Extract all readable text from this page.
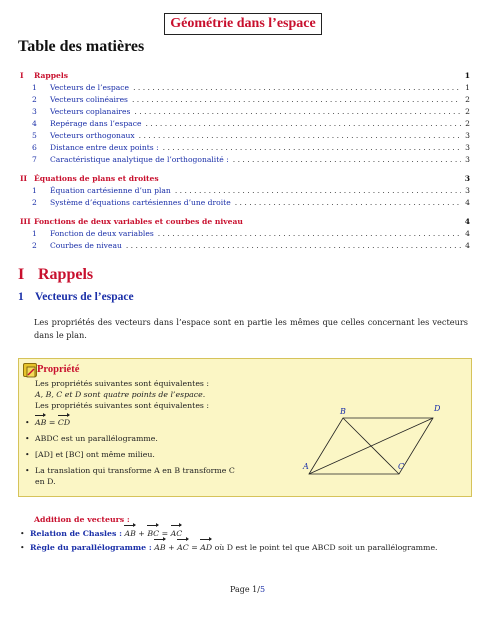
Géométrie dans l’espace
Table des matières
I	Rappels	1
1	Vecteurs de l’espace . . .	1
2	Vecteurs colinéaires . . .	2
3	Vecteurs coplanaires . . .	2
4	Repérage dans l’espace . . .	2
5	Vecteurs orthogonaux . . .	3
6	Distance entre deux points : . . .	3
7	Caractéristique analytique de l’orthogonalité : . . .	3
II Équations de plans et droites	3
1	Équation cartésienne d’un plan . . .	3
2	Système d’équations cartésiennes d’une droite . . .	4
III Fonctions de deux variables et courbes de niveau	4
1	Fonction de deux variables . . .	4
2	Courbes de niveau . . .	4
I Rappels
1 Vecteurs de l’espace
Les propriétés des vecteurs dans l’espace sont en partie les mêmes que celles concernant les vecteurs dans le plan.
Propriété
Les propriétés suivantes sont équivalentes :
A, B, C et D sont quatre points de l’espace.
Les propriétés suivantes sont équivalentes :
• AB = CD
• ABDC est un parallélogramme.
• [AD] et [BC] ont même milieu.
• La translation qui transforme A en B transforme C en D.
A
B
C
D
Addition de vecteurs :
• Relation de Chasles : AB + BC = AC
• Règle du parallélogramme : AB + AC = AD où D est le point tel que ABCD soit un parallélogramme.
Page 1/5
